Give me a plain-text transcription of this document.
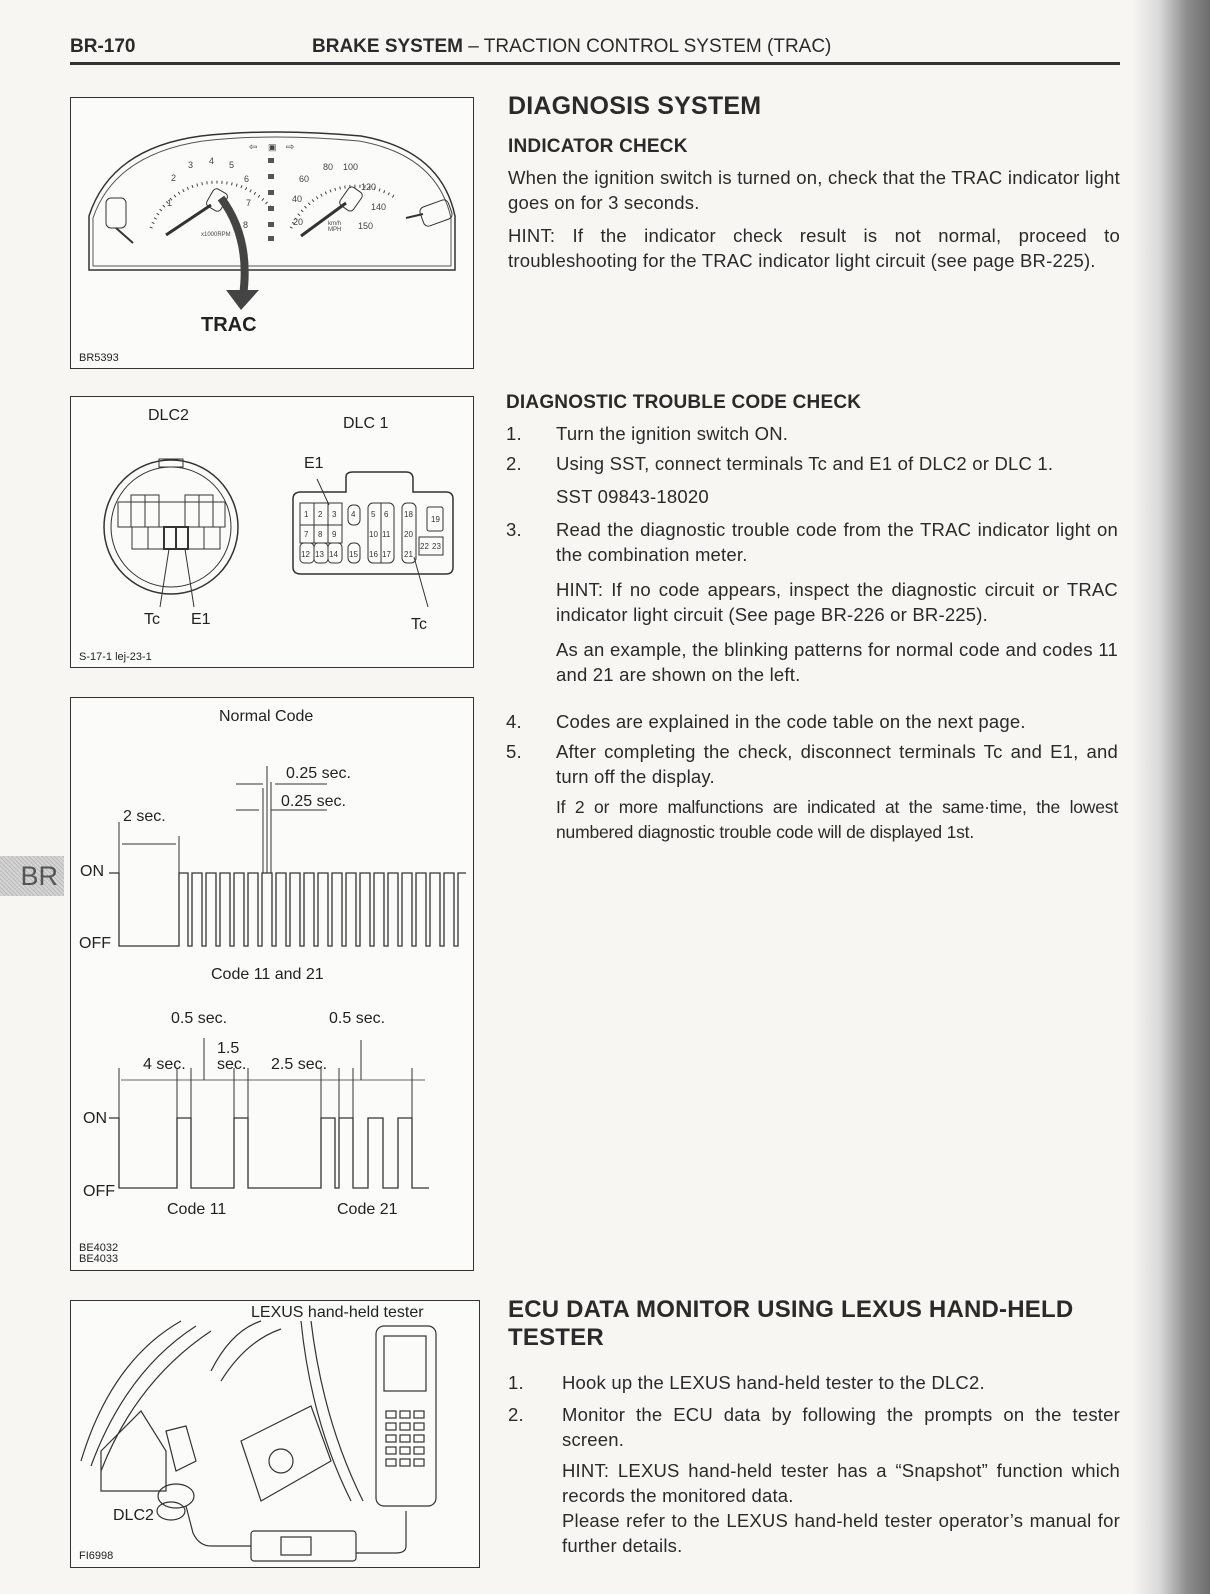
BR-170	BRAKE SYSTEM – TRACTION CONTROL SYSTEM (TRAC)
BR
⇦ ▣ ⇨
1
2
3 4 5
6
7
8	20
40
60
80 100
120
140
150
x1000RPM
km/h
MPH
TRAC
BR5393
DLC2	DLC 1
1 2 3 4 5 6 18
7 8 9	10 11 20
12 13 14 15 16 17 21
22 23
19
E1
Tc E1	Tc
S-17-1 lej-23-1
Normal Code
0.25 sec.
0.25 sec.
2 sec.
ON
OFF
Code 11 and 21
0.5 sec.	0.5 sec.
1.5
4 sec. sec. 2.5 sec.
ON
OFF
Code 11	Code 21
BE4032
BE4033
LEXUS hand-held tester
DLC2
FI6998
DIAGNOSIS SYSTEM
INDICATOR CHECK

When the ignition switch is turned on, check that the TRAC indicator light goes on for 3 seconds.

HINT: If the indicator check result is not normal, proceed to troubleshooting for the TRAC indicator light circuit (see page BR-225).

DIAGNOSTIC TROUBLE CODE CHECK

1. Turn the ignition switch ON.

2. Using SST, connect terminals Tc and E1 of DLC2 or DLC 1.

SST 09843-18020

3. Read the diagnostic trouble code from the TRAC indicator light on the combination meter.

HINT: If no code appears, inspect the diagnostic circuit or TRAC indicator light circuit (See page BR-226 or BR-225).

As an example, the blinking patterns for normal code and codes 11 and 21 are shown on the left.

4. Codes are explained in the code table on the next page.

5. After completing the check, disconnect terminals Tc and E1, and turn off the display.

If 2 or more malfunctions are indicated at the same·time, the lowest numbered diagnostic trouble code will de displayed 1st.

ECU DATA MONITOR USING LEXUS HAND-HELD TESTER

1. Hook up the LEXUS hand-held tester to the DLC2.

2. Monitor the ECU data by following the prompts on the tester screen.

HINT: LEXUS hand-held tester has a “Snapshot” function which records the monitored data.

Please refer to the LEXUS hand-held tester operator’s manual for further details.
